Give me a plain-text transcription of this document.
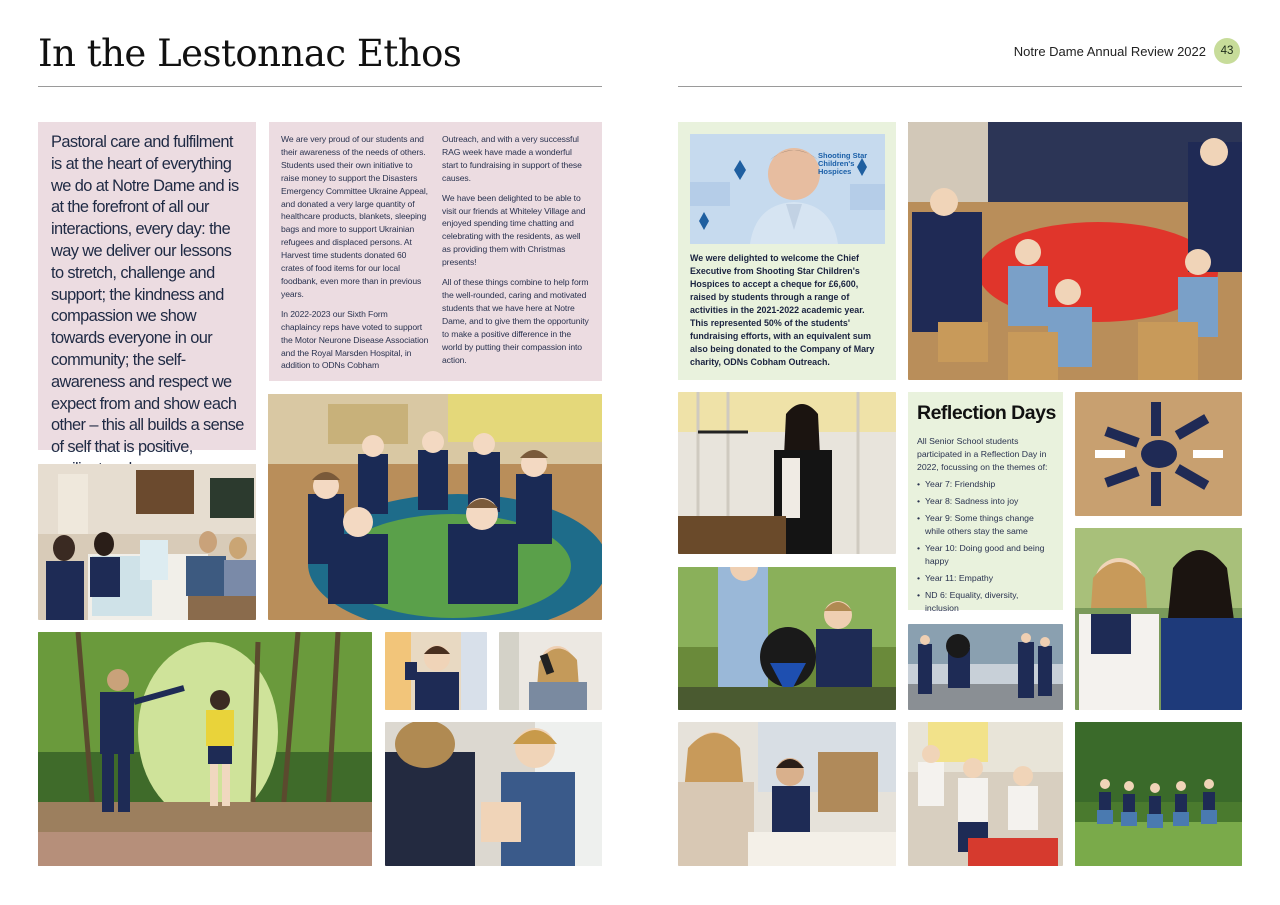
In the Lestonnac Ethos	Notre Dame Annual Review 2022	43
Pastoral care and fulfilment is at the heart of everything we do at Notre Dame and is at the forefront of all our interactions, every day: the way we deliver our lessons to stretch, challenge and support; the kindness and compassion we show towards everyone in our community; the self-awareness and respect we expect from and show each other – this all builds a sense of self that is positive,

We are very proud of our students and their awareness of the needs of others. Students used their own initiative to raise money to support the Disasters Emergency Committee Ukraine Appeal, and donated a very large quantity of healthcare products, blankets, sleeping bags and more to support Ukrainian refugees and displaced persons. At Harvest time students donated 60 crates of food items for our local foodbank, even more than in previous years.

In 2022-2023 our Sixth Form chaplaincy reps have voted to support the Motor Neurone Disease Association and the Royal Marsden Hospital, in addition to ODNs Cobham

Outreach, and with a very successful RAG week have made a wonderful start to fundraising in support of these causes.

We have been delighted to be able to visit our friends at Whiteley Village and enjoyed spending time chatting and celebrating with the residents, as well as providing them with Christmas presents!

All of these things combine to help form the well-rounded, caring and motivated students that we have here at Notre Dame, and to give them the opportunity to make a positive difference in the world by putting their compassion into action.

Shooting Star Children's Hospices
We were delighted to welcome the Chief Executive from Shooting Star Children's Hospices to accept a cheque for £6,600, raised by students through a range of activities in the 2021-2022 academic year. This represented 50% of the students' fundraising efforts, with an equivalent sum also being donated to the Company of Mary charity, ODNs Cobham Outreach.
Reflection Days
All Senior School students participated in a Reflection Day in 2022, focussing on the themes of:
• Year 7: Friendship
• Year 8: Sadness into joy
• Year 9: Some things change while others stay the same
• Year 10: Doing good and being happy
• Year 11: Empathy
• ND 6: Equality, diversity, inclusion
